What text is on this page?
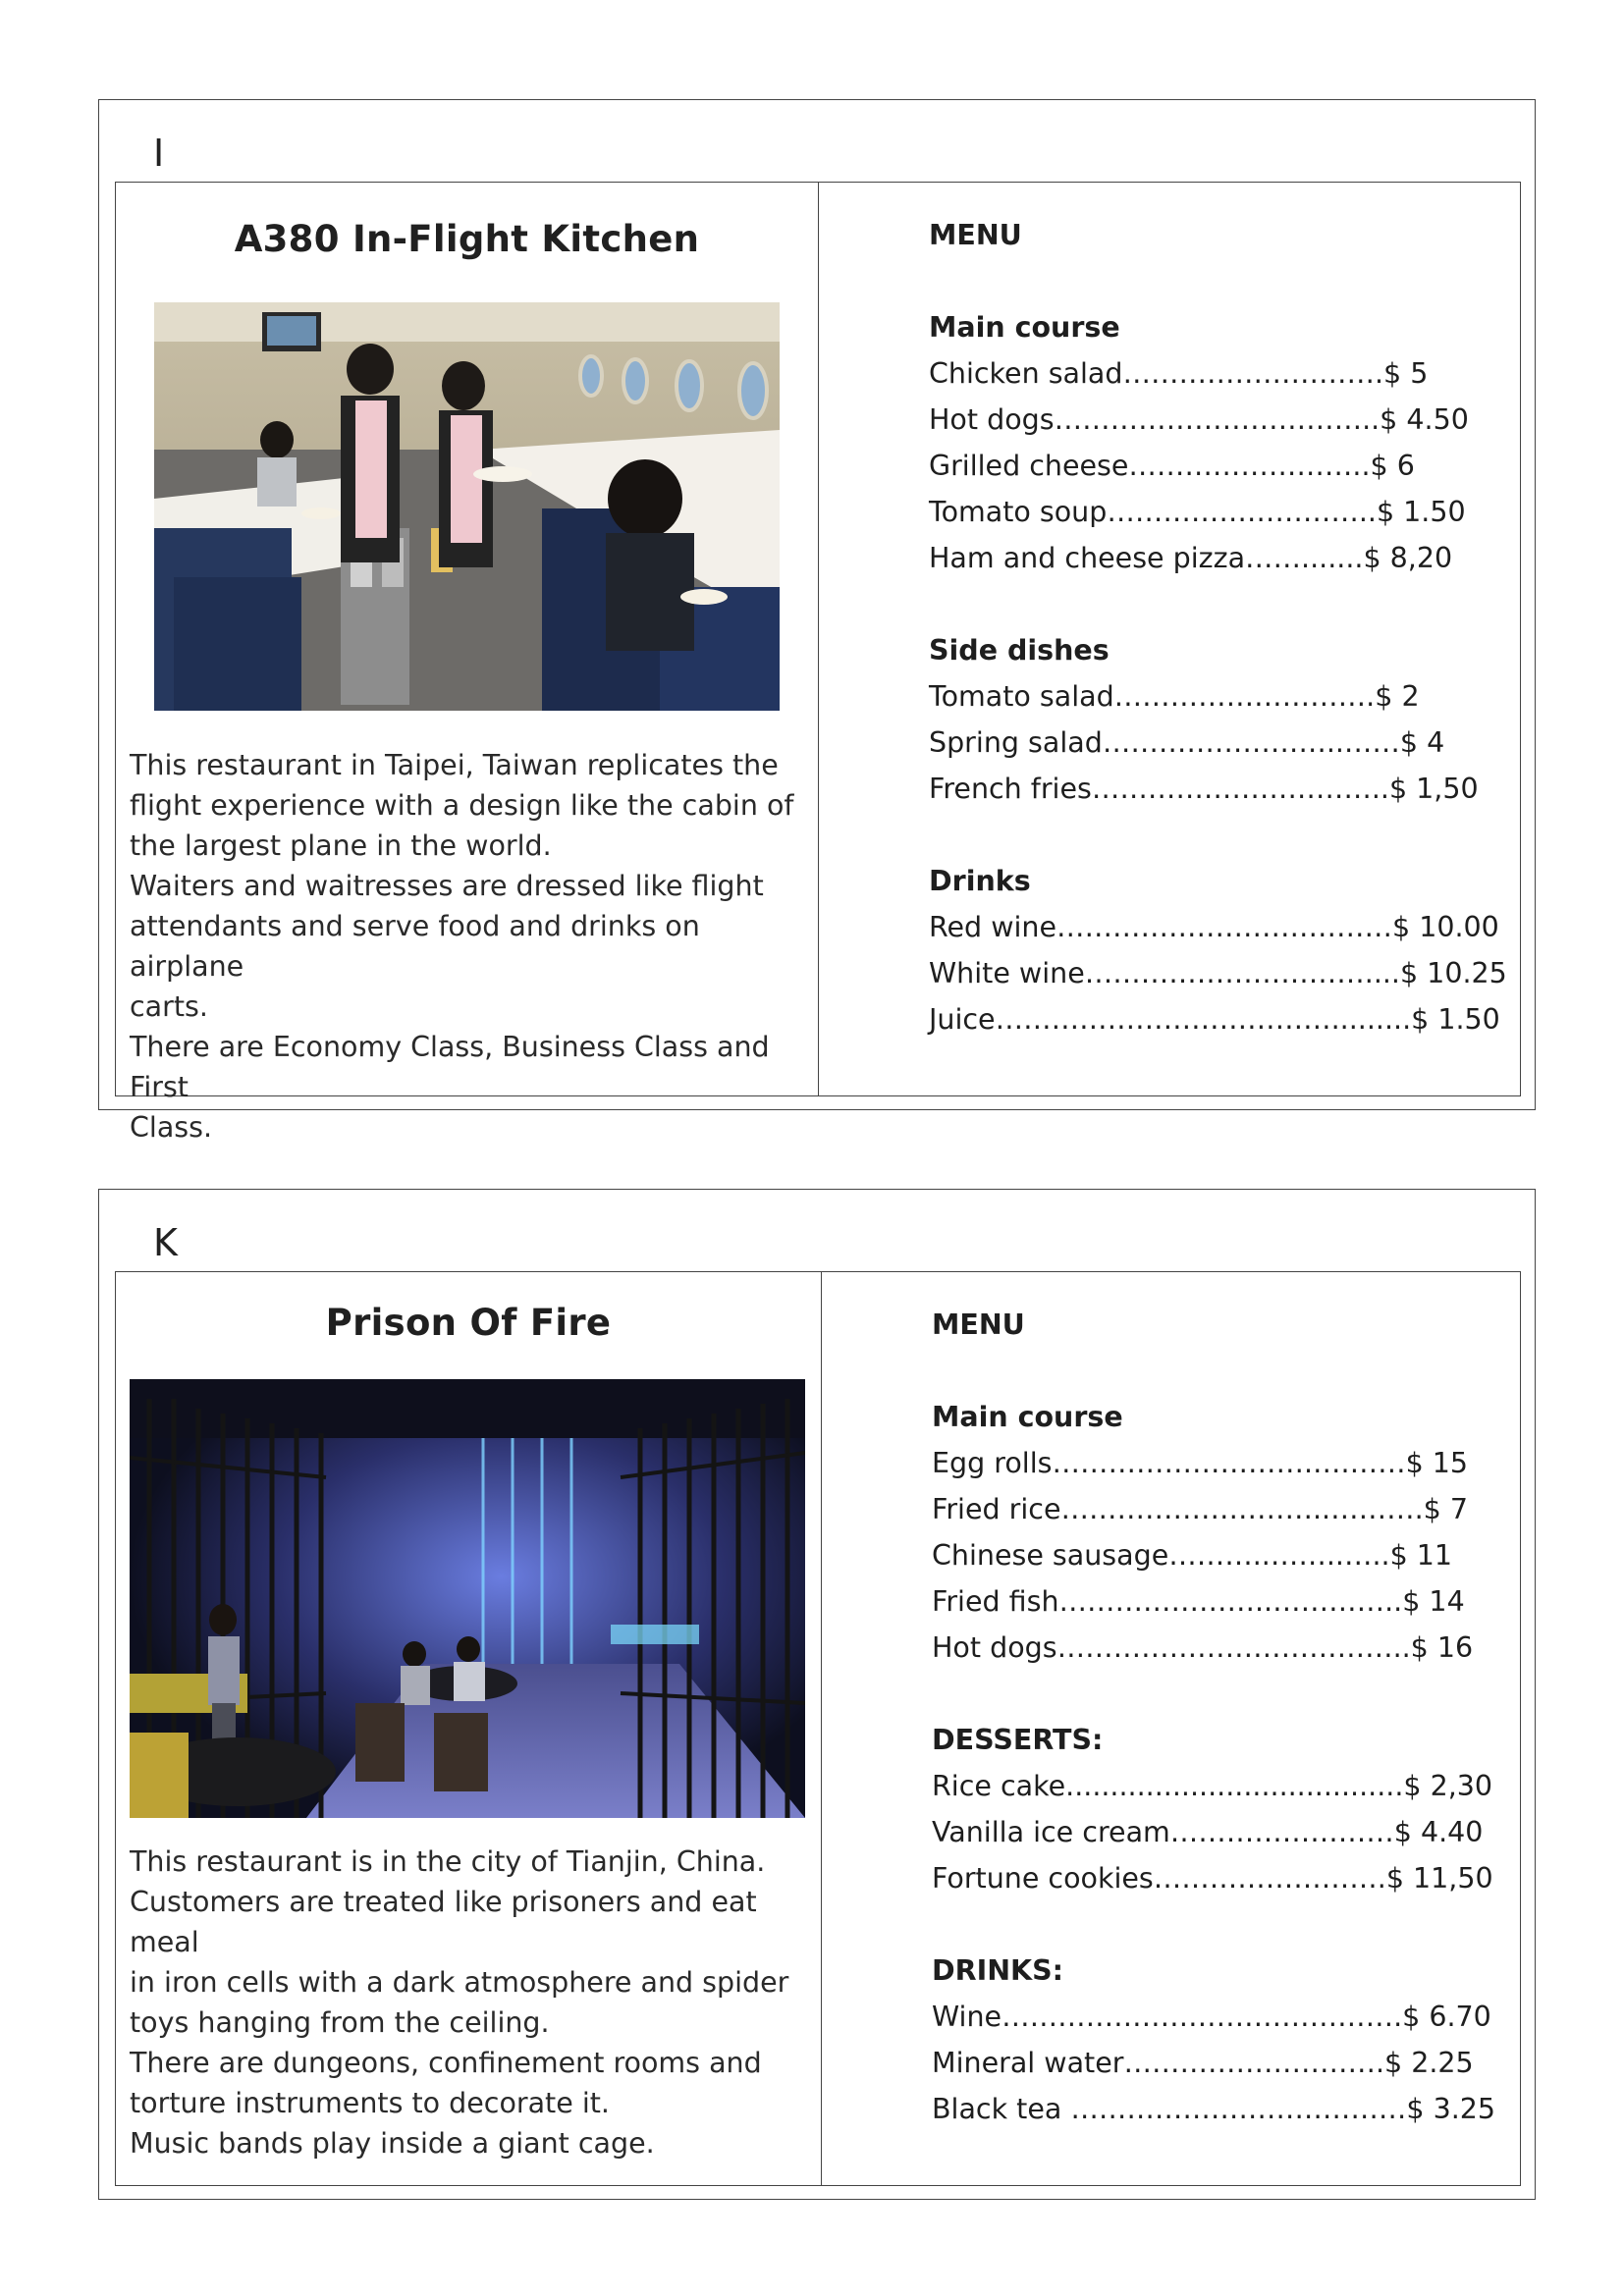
I
A380 In-Flight Kitchen

This restaurant in Taipei, Taiwan replicates the

flight experience with a design like the cabin of

the largest plane in the world.

Waiters and waitresses are dressed like flight

attendants and serve food and drinks on airplane

carts.

There are Economy Class, Business Class and First

Class.

MENU
Main course
Chicken salad……………………….$ 5
Hot dogs……………………………..$ 4.50
Grilled cheese……………………..$ 6
Tomato soup………………………..$ 1.50
Ham and cheese pizza…….......$ 8,20
Side dishes
Tomato salad……………………….$ 2
Spring salad……………………..……$ 4
French fries…………………………..$ 1,50
Drinks
Red wine………………………………$ 10.00
White wine…………………………....$ 10.25
Juice……………………………….........$ 1.50
K
Prison Of Fire

This restaurant is in the city of Tianjin, China.

Customers are treated like prisoners and eat meal

in iron cells with a dark atmosphere and spider

toys hanging from the ceiling.

There are dungeons, confinement rooms and

torture instruments to decorate it.

Music bands play inside a giant cage.

MENU
Main course
Egg rolls……………………….….……$ 15
Fried rice………………………..……….$ 7
Chinese sausage………..……..…..$ 11
Fried fish…………………..…………..$ 14
Hot dogs………………………………..$ 16
DESSERTS:
Rice cake......................................$ 2,30
Vanilla ice cream……………………$ 4.40
Fortune cookies…………………….$ 11,50
DRINKS:
Wine…………………………………….$ 6.70
Mineral water……………………….$ 2.25
Black tea ………………………………$ 3.25
